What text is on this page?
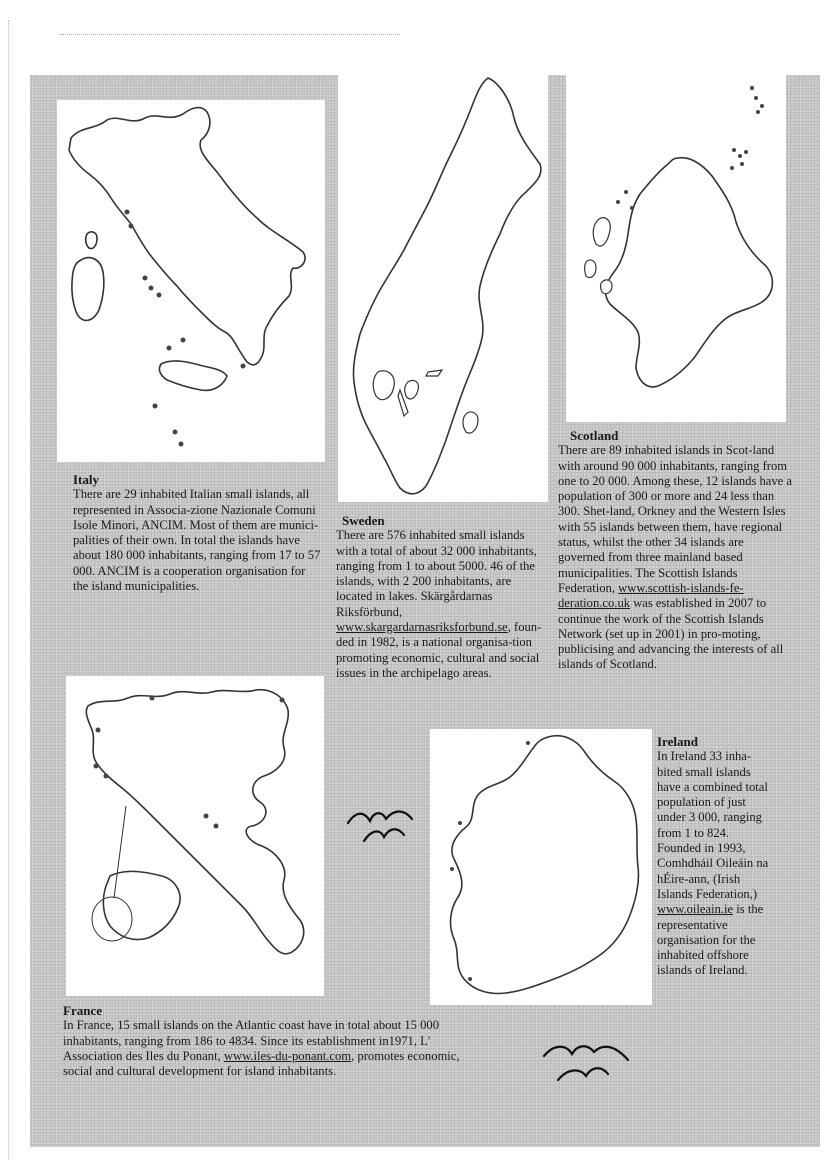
Italy
There are 29 inhabited Italian small islands, all represented in Associa-zione Nazionale Comuni Isole Minori, ANCIM. Most of them are munici-palities of their own. In total the islands have about 180 000 inhabitants, ranging from 17 to 57 000. ANCIM is a cooperation organisation for the island municipalities.
Sweden
There are 576 inhabited small islands with a total of about 32 000 inhabitants, ranging from 1 to about 5000. 46 of the islands, with 2 200 inhabitants, are located in lakes. Skärgårdarnas Riksförbund, www.skargardarnasriksforbund.se, foun-ded in 1982, is a national organisa-tion promoting economic, cultural and social issues in the archipelago areas.
Scotland
There are 89 inhabited islands in Scot-land with around 90 000 inhabitants, ranging from one to 20 000. Among these, 12 islands have a population of 300 or more and 24 less than 300. Shet-land, Orkney and the Western Isles with 55 islands between them, have regional status, whilst the other 34 islands are governed from three mainland based municipalities. The Scottish Islands Federation, www.scottish-islands-fe-deration.co.uk was established in 2007 to continue the work of the Scottish Islands Network (set up in 2001) in pro-moting, publicising and advancing the interests of all islands of Scotland.
Ireland
In Ireland 33 inha-bited small islands have a combined total population of just under 3 000, ranging from 1 to 824. Founded in 1993, Comhdháil Oileáin na hÉire-ann, (Irish Islands Federation,) www.oileain.ie is the representative organisation for the inhabited offshore islands of Ireland.
France
In France, 15 small islands on the Atlantic coast have in total about 15 000 inhabitants, ranging from 186 to 4834. Since its establishment in1971, L' Association des Iles du Ponant, www.iles-du-ponant.com, promotes economic, social and cultural development for island inhabitants.
